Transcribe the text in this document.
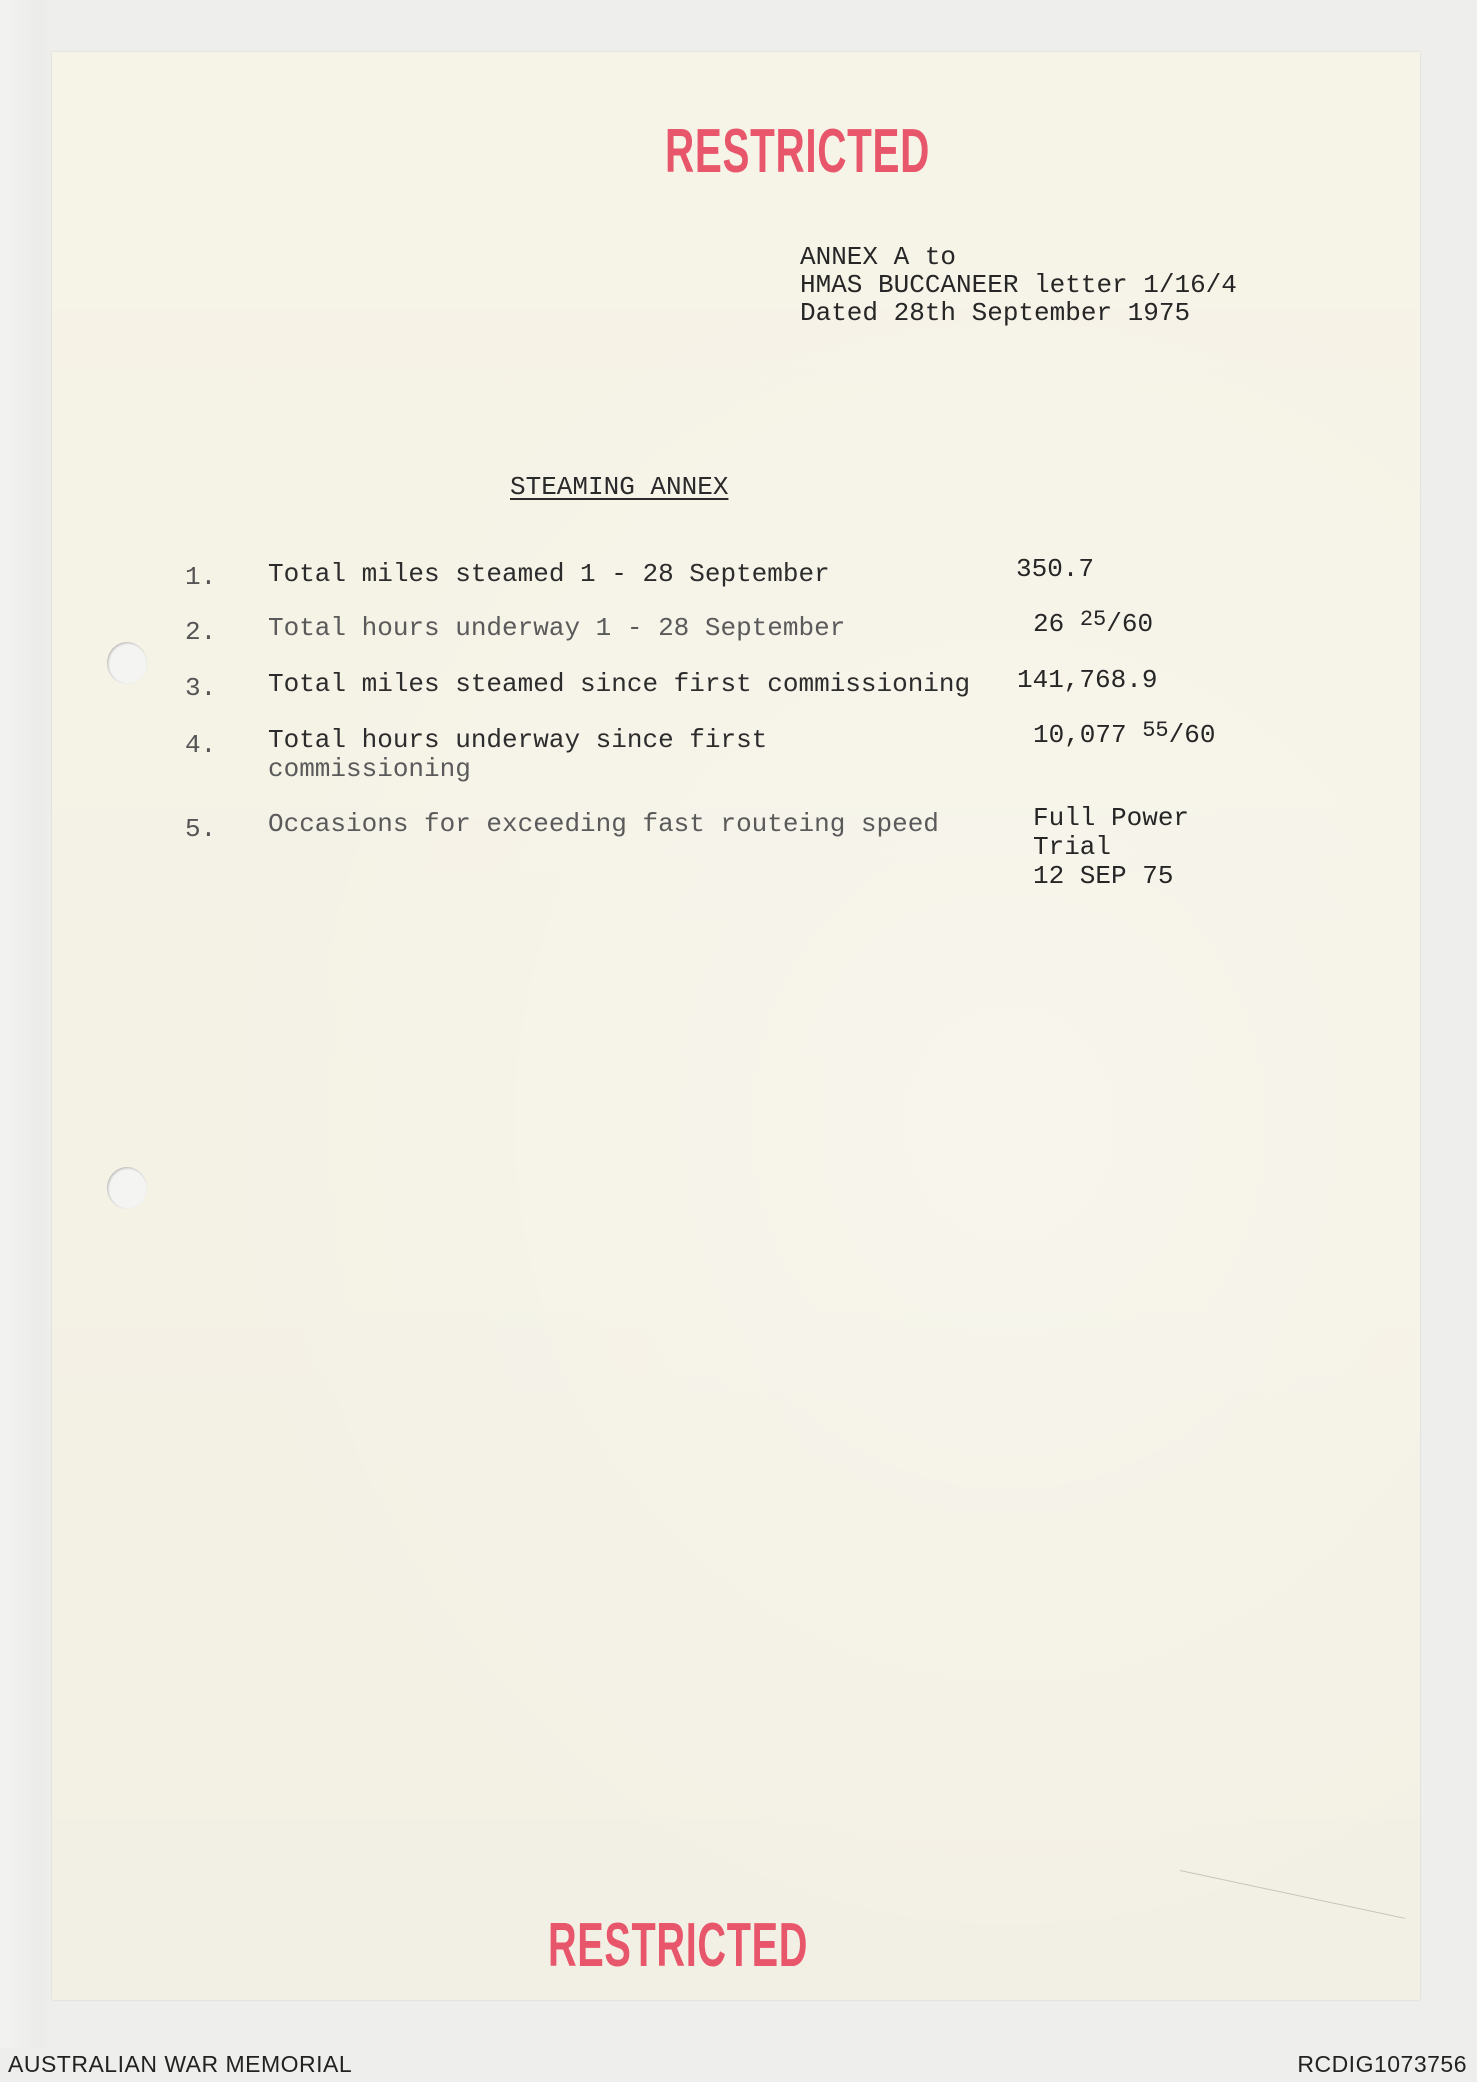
RESTRICTED
ANNEX A to
HMAS BUCCANEER letter 1/16/4
Dated 28th September 1975
STEAMING ANNEX
1. Total miles steamed 1 - 28 September	350.7
2. Total hours underway 1 - 28 September	26 $^{25}$/60
3. Total miles steamed since first commissioning 141,768.9
4. Total hours underway since first
commissioning
10,077 $^{55}$/60
5. Occasions for exceeding fast routeing speed	Full Power
Trial
12 SEP 75
RESTRICTED
AUSTRALIAN WAR MEMORIAL	RCDIG1073756
